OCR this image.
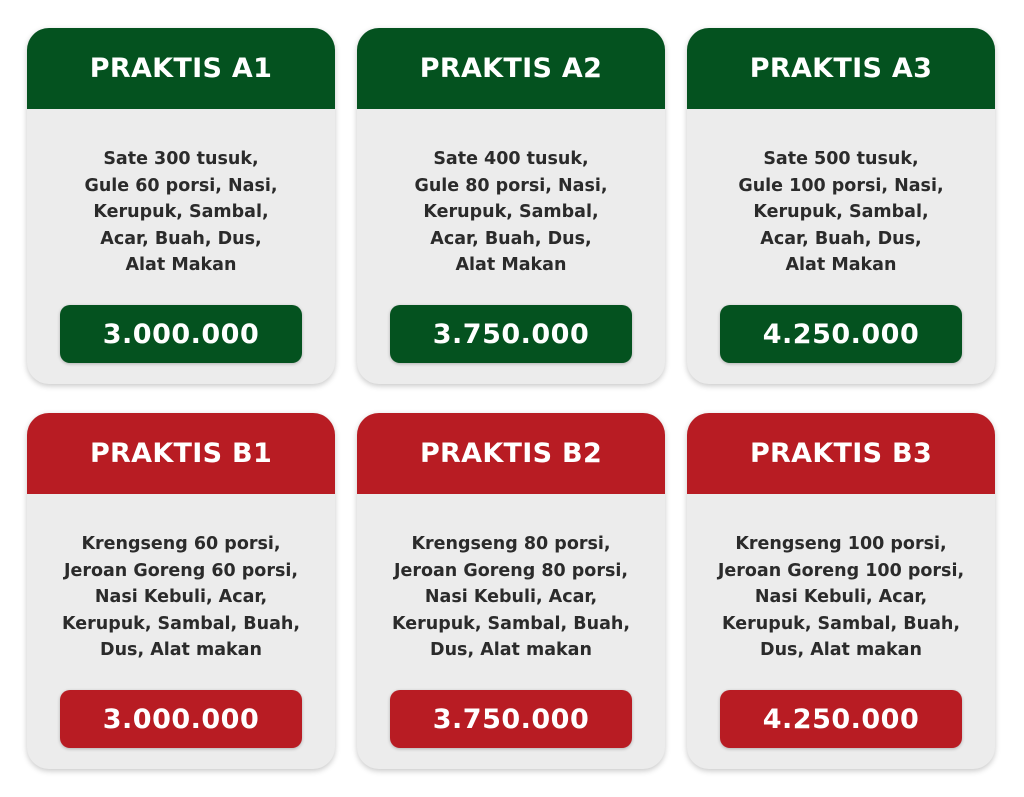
PRAKTIS A1
Sate 300 tusuk,
Gule 60 porsi, Nasi,
Kerupuk, Sambal,
Acar, Buah, Dus,
Alat Makan
3.000.000
PRAKTIS A2
Sate 400 tusuk,
Gule 80 porsi, Nasi,
Kerupuk, Sambal,
Acar, Buah, Dus,
Alat Makan
3.750.000
PRAKTIS A3
Sate 500 tusuk,
Gule 100 porsi, Nasi,
Kerupuk, Sambal,
Acar, Buah, Dus,
Alat Makan
4.250.000
PRAKTIS B1
Krengseng 60 porsi,
Jeroan Goreng 60 porsi,
Nasi Kebuli, Acar,
Kerupuk, Sambal, Buah,
Dus, Alat makan
3.000.000
PRAKTIS B2
Krengseng 80 porsi,
Jeroan Goreng 80 porsi,
Nasi Kebuli, Acar,
Kerupuk, Sambal, Buah,
Dus, Alat makan
3.750.000
PRAKTIS B3
Krengseng 100 porsi,
Jeroan Goreng 100 porsi,
Nasi Kebuli, Acar,
Kerupuk, Sambal, Buah,
Dus, Alat makan
4.250.000
